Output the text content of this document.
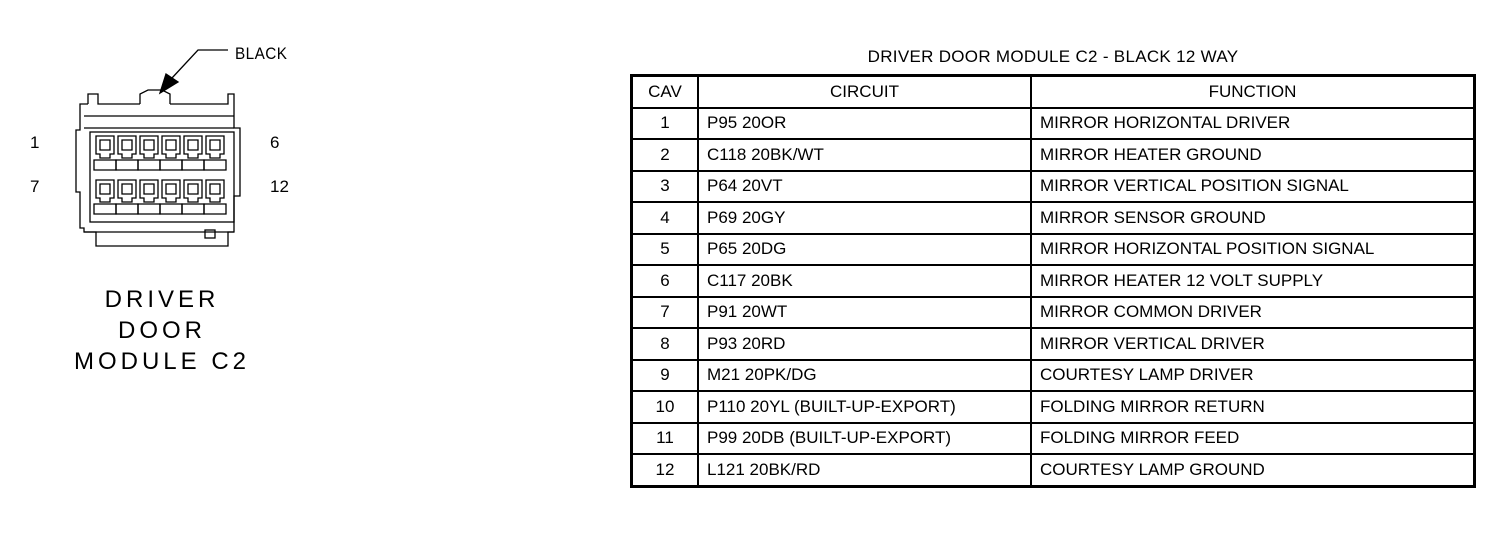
BLACK
1	6
7	12
DRIVER
DOOR
MODULE C2
DRIVER DOOR MODULE C2 - BLACK 12 WAY
CAV	CIRCUIT	FUNCTION
1	P95 20OR	MIRROR HORIZONTAL DRIVER
2	C118 20BK/WT	MIRROR HEATER GROUND
3	P64 20VT	MIRROR VERTICAL POSITION SIGNAL
4	P69 20GY	MIRROR SENSOR GROUND
5	P65 20DG	MIRROR HORIZONTAL POSITION SIGNAL
6	C117 20BK	MIRROR HEATER 12 VOLT SUPPLY
7	P91 20WT	MIRROR COMMON DRIVER
8	P93 20RD	MIRROR VERTICAL DRIVER
9	M21 20PK/DG	COURTESY LAMP DRIVER
10	P110 20YL (BUILT-UP-EXPORT)	FOLDING MIRROR RETURN
11	P99 20DB (BUILT-UP-EXPORT)	FOLDING MIRROR FEED
12	L121 20BK/RD	COURTESY LAMP GROUND
